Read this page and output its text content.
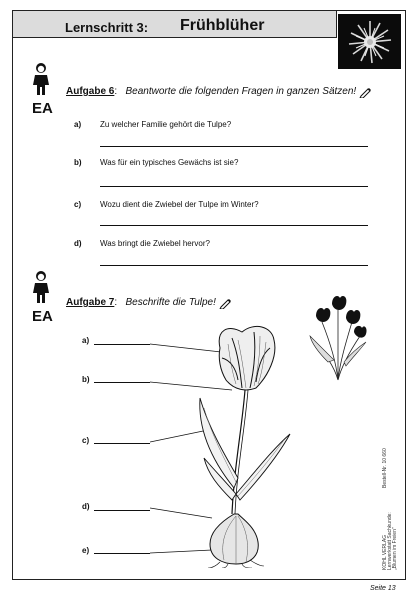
Lernschritt 3: Frühblüher
EA
Aufgabe 6:   Beantworte die folgenden Fragen in ganzen Sätzen!
a) Zu welcher Familie gehört die Tulpe?
b) Was für ein typisches Gewächs ist sie?
c) Wozu dient die Zwiebel der Tulpe im Winter?
d) Was bringt die Zwiebel hervor?
EA
Aufgabe 7:   Beschrifte die Tulpe!
a)
b)
c)
d)
e)	KOHL VERLAG Lernwerkstatt Sachkunde: „Blumen im Freien"
Bestell-Nr. 10 660
Seite 13
